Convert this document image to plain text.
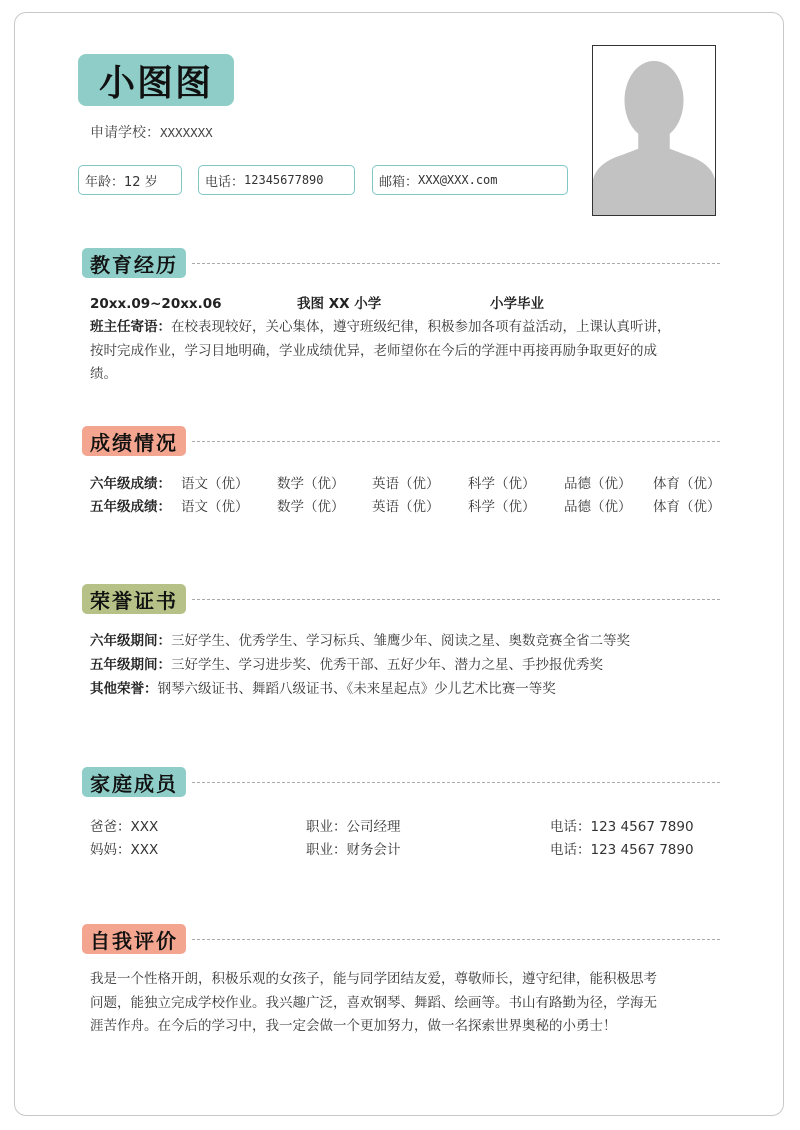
小图图
申请学校：XXXXXXX
年龄： 12 岁	电话： 12345677890	邮箱： XXX@XXX.com
教育经历
20xx.09~20xx.06	我图 XX 小学	小学毕业
班主任寄语：在校表现较好，关心集体，遵守班级纪律，积极参加各项有益活动，上课认真听讲，
按时完成作业，学习目地明确，学业成绩优异，老师望你在今后的学涯中再接再励争取更好的成
绩。
成绩情况
六年级成绩： 语文（优） 数学（优） 英语（优） 科学（优） 品德（优） 体育（优）
五年级成绩： 语文（优） 数学（优） 英语（优） 科学（优） 品德（优） 体育（优）
荣誉证书
六年级期间：三好学生、优秀学生、学习标兵、雏鹰少年、阅读之星、奥数竞赛全省二等奖
五年级期间：三好学生、学习进步奖、优秀干部、五好少年、潜力之星、手抄报优秀奖
其他荣誉：钢琴六级证书、舞蹈八级证书、《未来星起点》少儿艺术比赛一等奖
家庭成员
爸爸：XXX	职业：公司经理	电话：123 4567 7890
妈妈：XXX	职业：财务会计	电话：123 4567 7890
自我评价
我是一个性格开朗，积极乐观的女孩子，能与同学团结友爱，尊敬师长，遵守纪律，能积极思考
问题，能独立完成学校作业。我兴趣广泛，喜欢钢琴、舞蹈、绘画等。书山有路勤为径，学海无
涯苦作舟。在今后的学习中，我一定会做一个更加努力，做一名探索世界奥秘的小勇士！
